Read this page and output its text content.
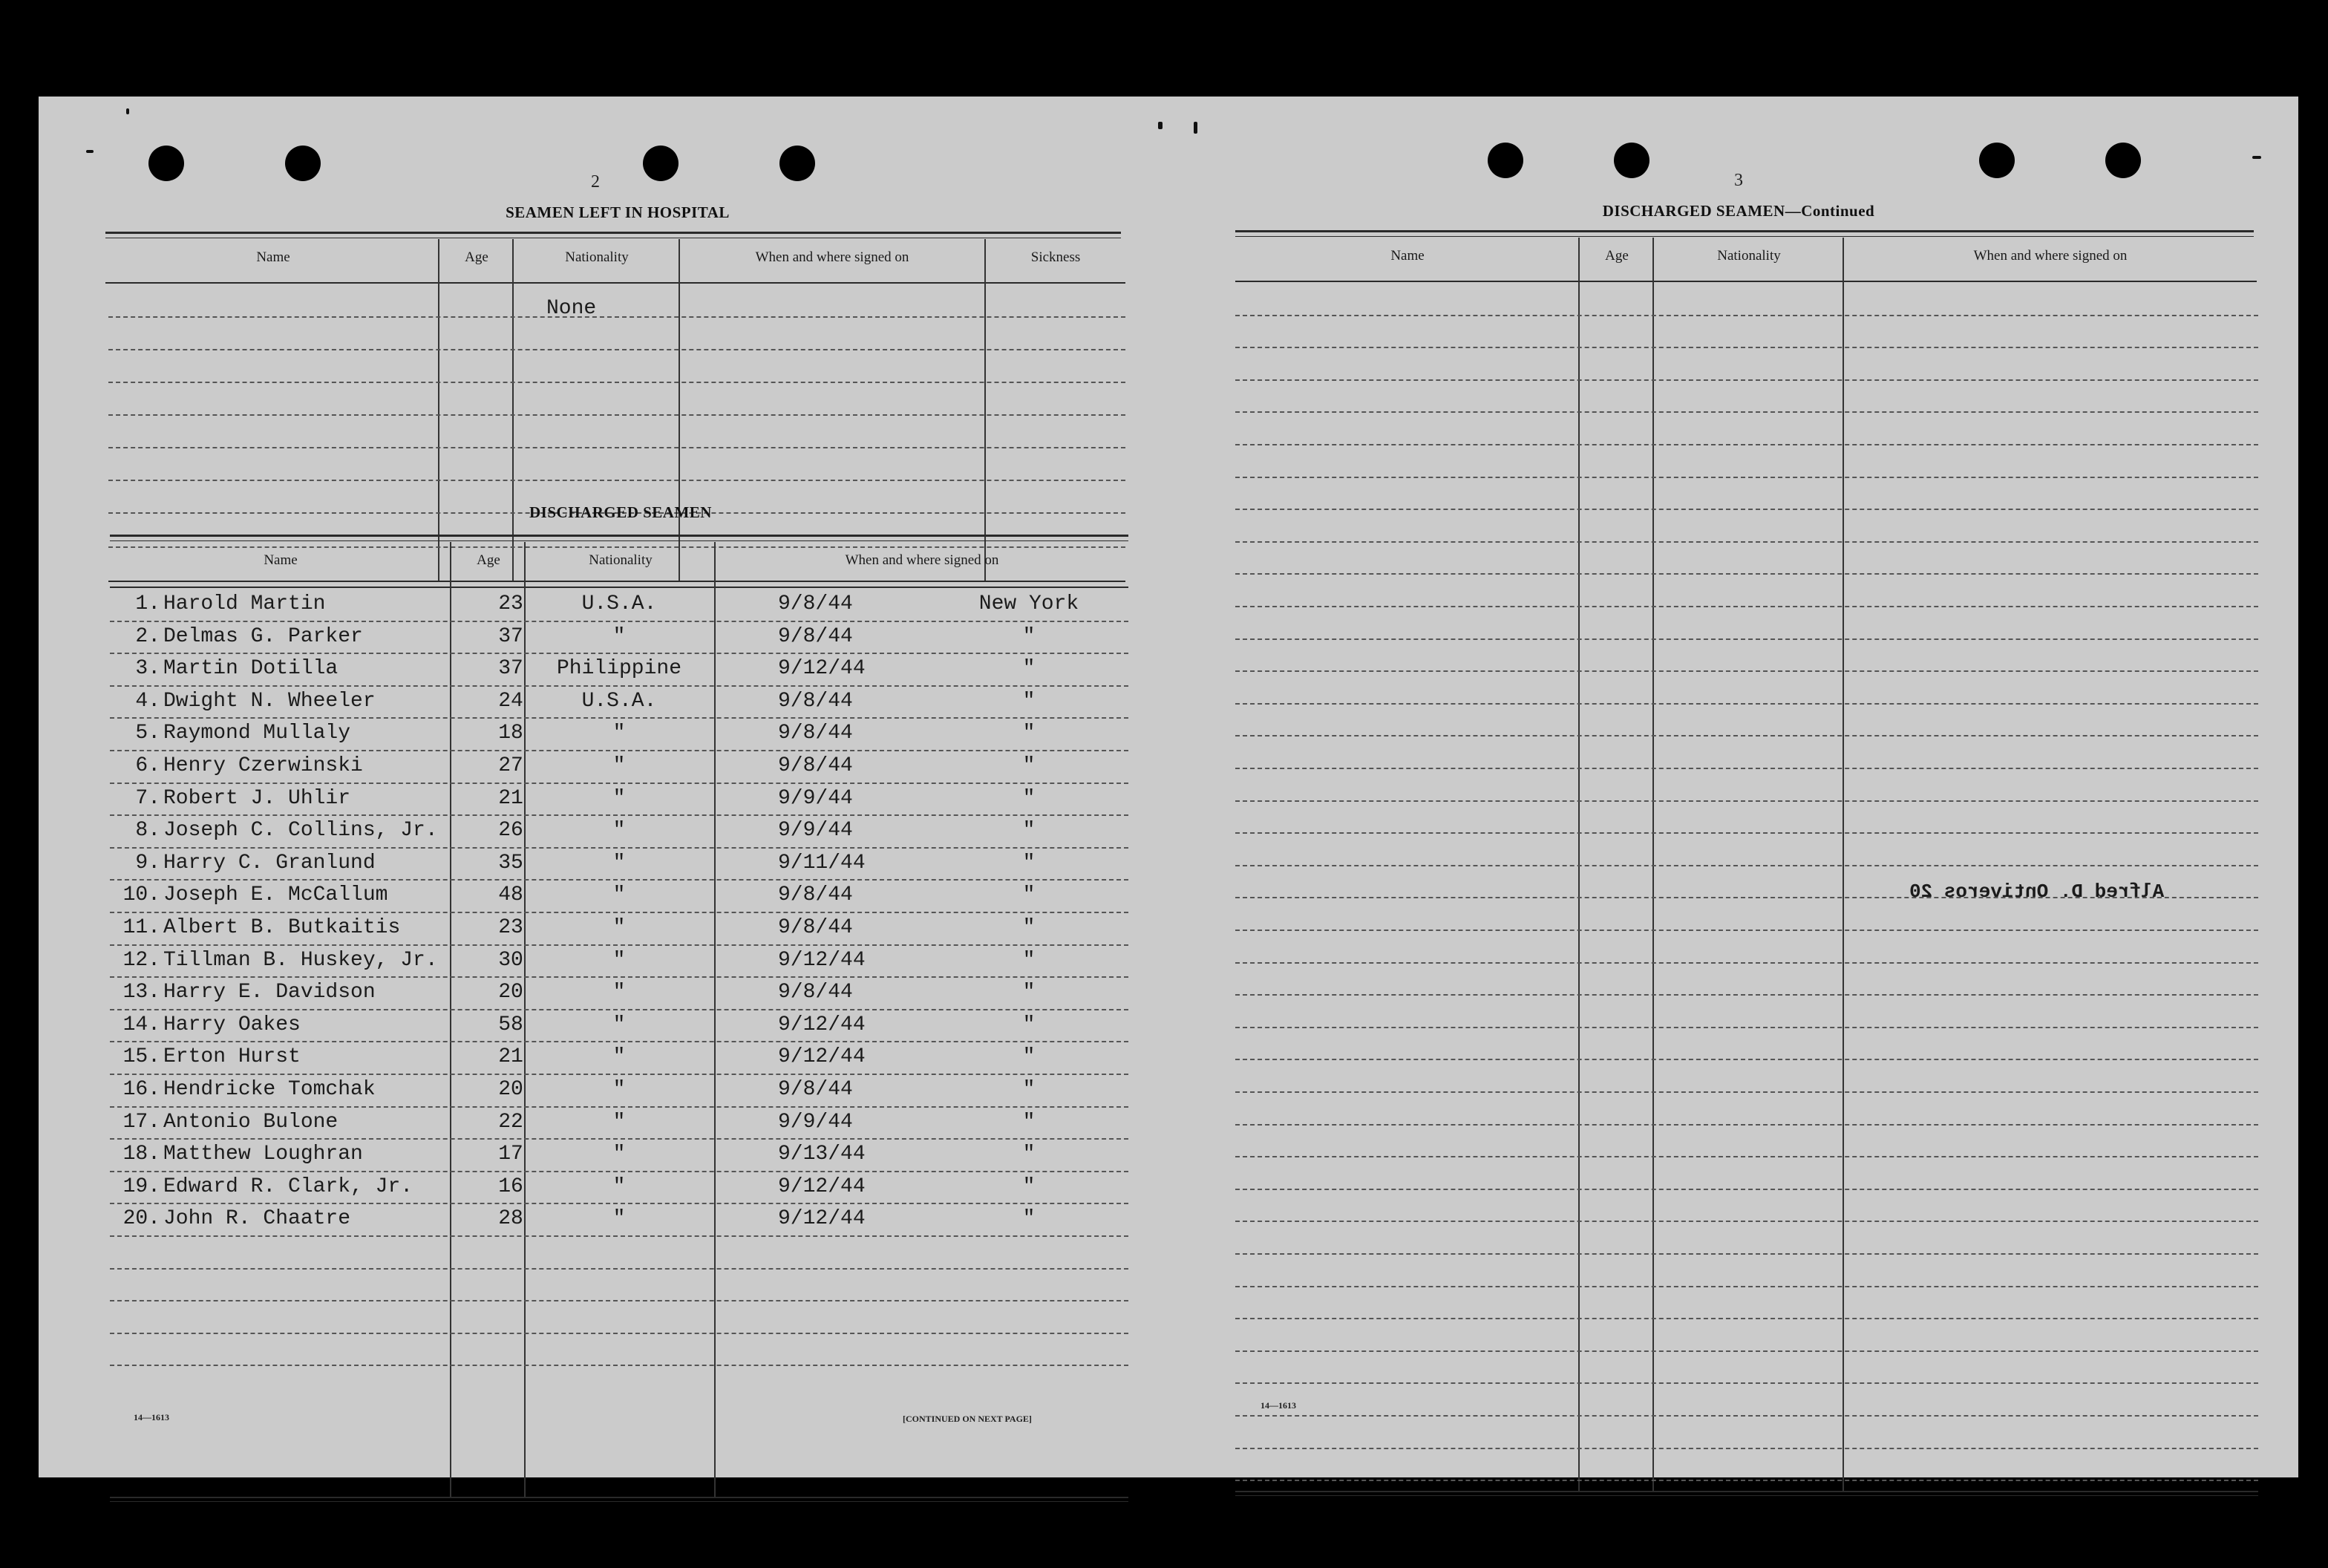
2
SEAMEN LEFT IN HOSPITAL
Name	Age	Nationality	When and where signed on	Sickness
None
DISCHARGED SEAMEN
Name	Age	Nationality	When and where signed on
1. Harold Martin	23	U.S.A.	9/8/44	New York
2. Delmas G. Parker	37	"	9/8/44	"
3. Martin Dotilla	37	Philippine	9/12/44	"
4. Dwight N. Wheeler	24	U.S.A.	9/8/44	"
5. Raymond Mullaly	18	"	9/8/44	"
6. Henry Czerwinski	27	"	9/8/44	"
7. Robert J. Uhlir	21	"	9/9/44	"
8. Joseph C. Collins, Jr.	26	"	9/9/44	"
9. Harry C. Granlund	35	"	9/11/44	"
10. Joseph E. McCallum	48	"	9/8/44	"
11. Albert B. Butkaitis	23	"	9/8/44	"
12. Tillman B. Huskey, Jr.	30	"	9/12/44	"
13. Harry E. Davidson	20	"	9/8/44	"
14. Harry Oakes	58	"	9/12/44	"
15. Erton Hurst	21	"	9/12/44	"
16. Hendricke Tomchak	20	"	9/8/44	"
17. Antonio Bulone	22	"	9/9/44	"
18. Matthew Loughran	17	"	9/13/44	"
19. Edward R. Clark, Jr.	16	"	9/12/44	"
20. John R. Chaatre	28	"	9/12/44	"
14—1613	[CONTINUED ON NEXT PAGE]
3
DISCHARGED SEAMEN—Continued
Name	Age	Nationality	When and where signed on
Alfred D. Ontiveros 20
14—1613
